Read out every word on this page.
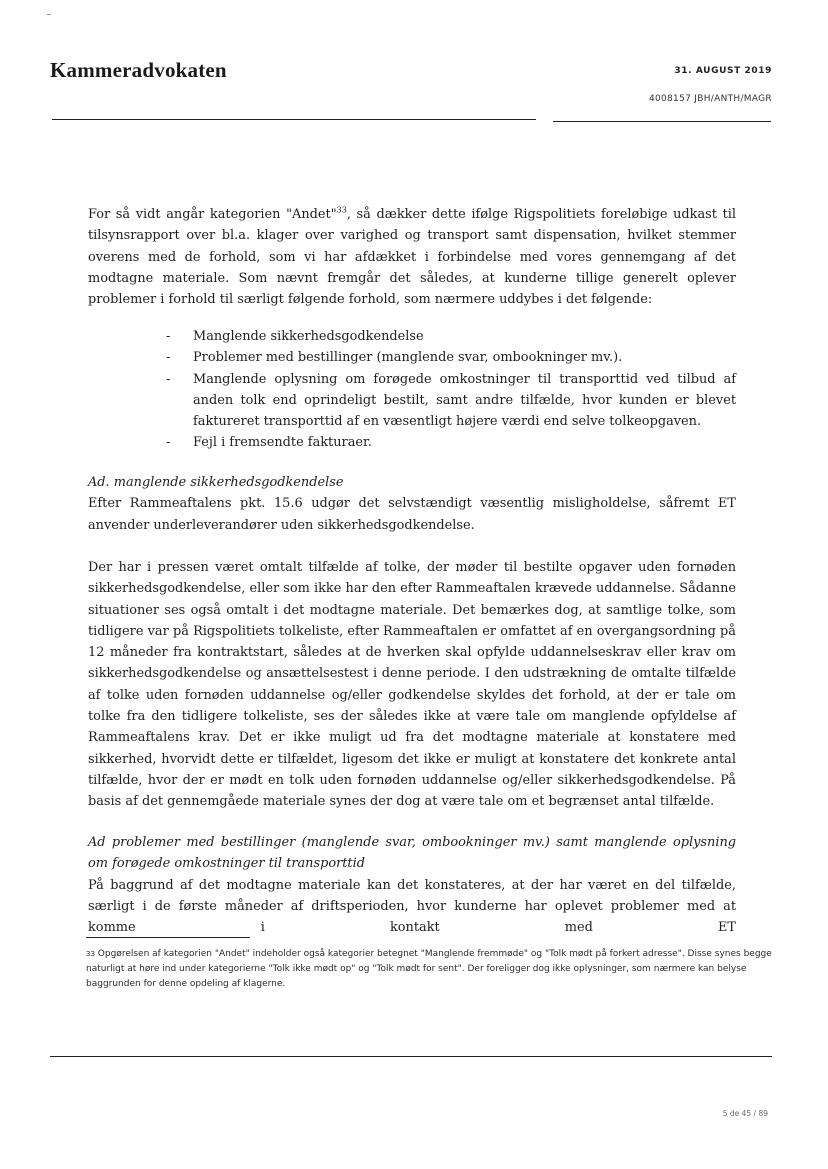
Kammeradvokaten	31. AUGUST 2019
4008157 JBH/ANTH/MAGR

For så vidt angår kategorien "Andet"$^{33}$, så dækker dette ifølge Rigspolitiets foreløbige udkast til tilsynsrapport over bl.a. klager over varighed og transport samt dispensation, hvilket stemmer overens med de forhold, som vi har afdækket i forbindelse med vores gennemgang af det modtagne materiale. Som nævnt fremgår det således, at kunderne tillige generelt oplever problemer i forhold til særligt følgende forhold, som nærmere uddybes i det følgende:

- Manglende sikkerhedsgodkendelse
- Problemer med bestillinger (manglende svar, ombookninger mv.).
- Manglende oplysning om forøgede omkostninger til transporttid ved tilbud af anden tolk end oprindeligt bestilt, samt andre tilfælde, hvor kunden er blevet faktureret transporttid af en væsentligt højere værdi end selve tolkeopgaven.
- Fejl i fremsendte fakturaer.

Ad. manglende sikkerhedsgodkendelse

Efter Rammeaftalens pkt. 15.6 udgør det selvstændigt væsentlig misligholdelse, såfremt ET anvender underleverandører uden sikkerhedsgodkendelse.

Der har i pressen været omtalt tilfælde af tolke, der møder til bestilte opgaver uden fornøden sikkerhedsgodkendelse, eller som ikke har den efter Rammeaftalen krævede uddannelse. Sådanne situationer ses også omtalt i det modtagne materiale. Det bemærkes dog, at samtlige tolke, som tidligere var på Rigspolitiets tolkeliste, efter Rammeaftalen er omfattet af en overgangsordning på 12 måneder fra kontraktstart, således at de hverken skal opfylde uddannelseskrav eller krav om sikkerhedsgodkendelse og ansættelsestest i denne periode. I den udstrækning de omtalte tilfælde af tolke uden fornøden uddannelse og/eller godkendelse skyldes det forhold, at der er tale om tolke fra den tidligere tolkeliste, ses der således ikke at være tale om manglende opfyldelse af Rammeaftalens krav. Det er ikke muligt ud fra det modtagne materiale at konstatere med sikkerhed, hvorvidt dette er tilfældet, ligesom det ikke er muligt at konstatere det konkrete antal tilfælde, hvor der er mødt en tolk uden fornøden uddannelse og/eller sikkerhedsgodkendelse. På basis af det gennemgåede materiale synes der dog at være tale om et begrænset antal tilfælde.

Ad problemer med bestillinger (manglende svar, ombookninger mv.) samt manglende oplysning om forøgede omkostninger til transporttid

På baggrund af det modtagne materiale kan det konstateres, at der har været en del tilfælde, særligt i de første måneder af driftsperioden, hvor kunderne har oplevet problemer med at komme i kontakt med ET

$^{33}$ Opgørelsen af kategorien "Andet" indeholder også kategorier betegnet "Manglende fremmøde" og "Tolk mødt på forkert adresse". Disse synes begge naturligt at høre ind under kategorierne "Tolk ikke mødt op" og "Tolk mødt for sent". Der foreligger dog ikke oplysninger, som nærmere kan belyse baggrunden for denne opdeling af klagerne.
5 de 45 / 89
